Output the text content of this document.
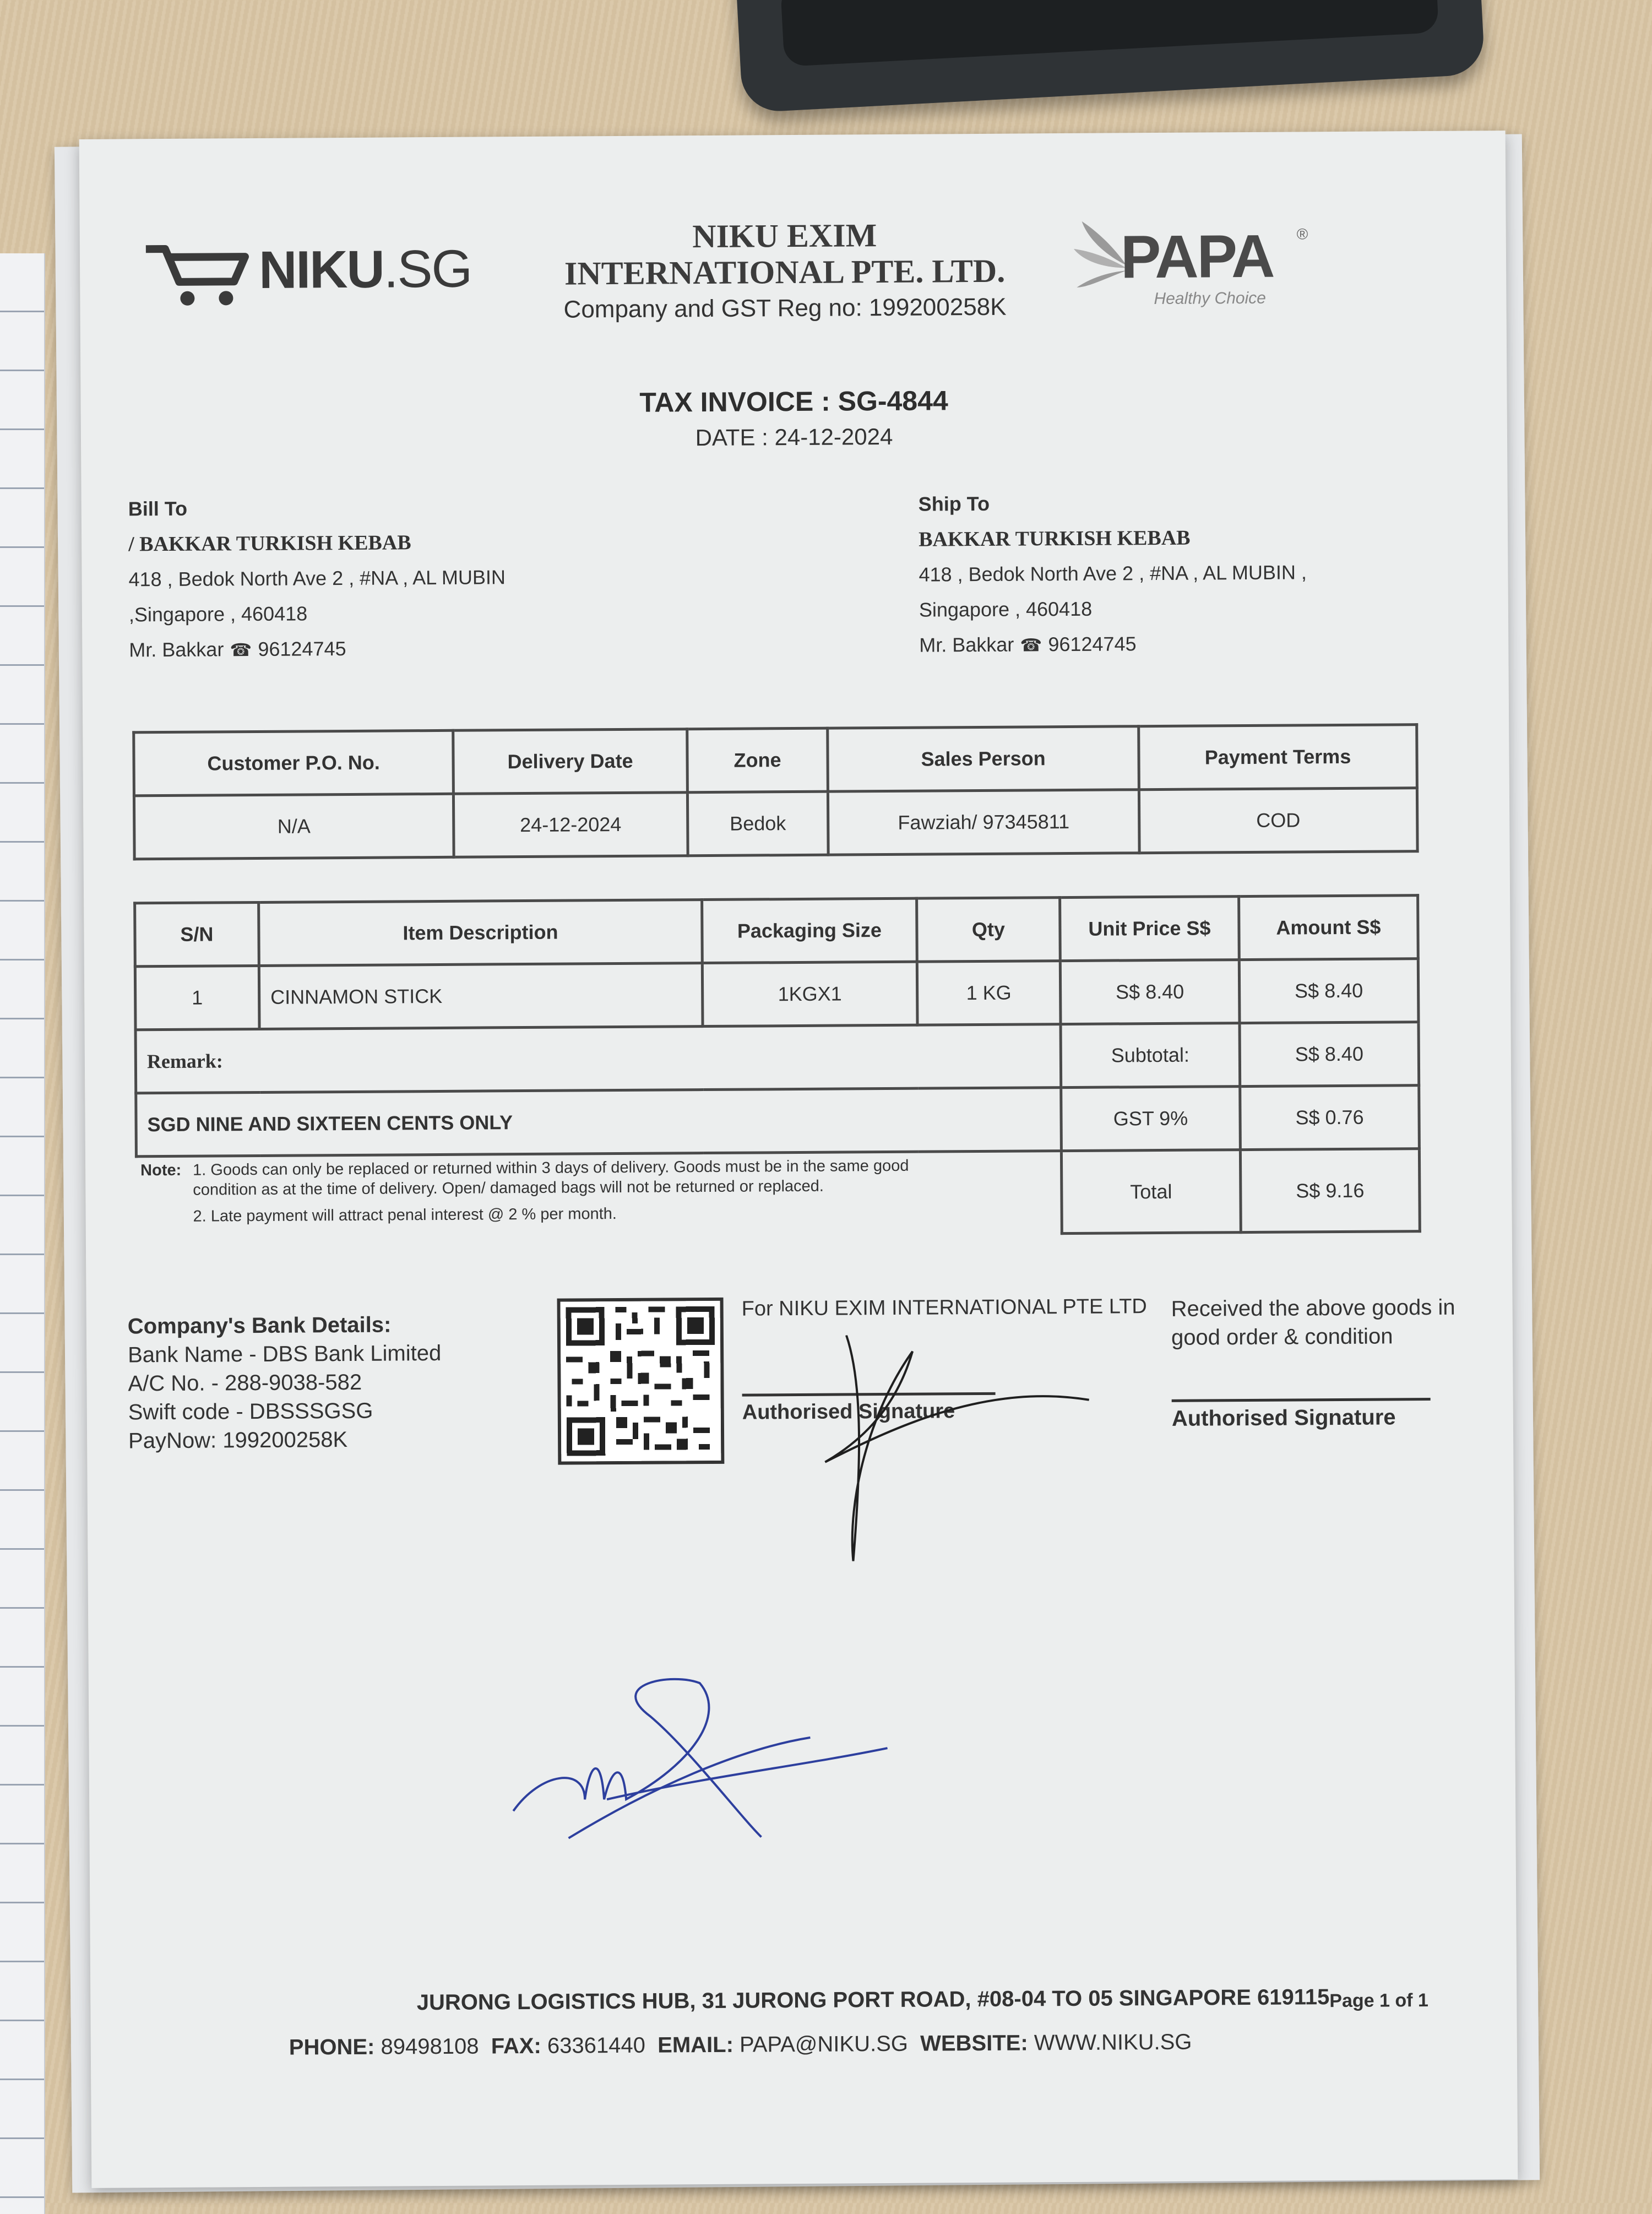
NIKU.SG
NIKU EXIM
INTERNATIONAL PTE. LTD.
Company and GST Reg no: 199200258K
PAPA ®
Healthy Choice
TAX INVOICE : SG-4844
DATE : 24-12-2024
Bill To
/ BAKKAR TURKISH KEBAB
418 , Bedok North Ave 2 , #NA , AL MUBIN
,Singapore , 460418
Mr. Bakkar ☎ 96124745
Ship To
BAKKAR TURKISH KEBAB
418 , Bedok North Ave 2 , #NA , AL MUBIN ,
Singapore , 460418
Mr. Bakkar ☎ 96124745
Customer P.O. No.	Delivery Date	Zone	Sales Person	Payment Terms
N/A	24-12-2024	Bedok	Fawziah/ 97345811	COD
S/N	Item Description	Packaging Size	Qty	Unit Price S$	Amount S$
1	CINNAMON STICK	1KGX1	1 KG	S$ 8.40	S$ 8.40
Remark:				Subtotal:	S$ 8.40
SGD NINE AND SIXTEEN CENTS ONLY				GST 9%	S$ 0.76
				Total	S$ 9.16
Note: 1. Goods can only be replaced or returned within 3 days of delivery. Goods must be in the same good
condition as at the time of delivery. Open/ damaged bags will not be returned or replaced.
2. Late payment will attract penal interest @ 2 % per month.
Company's Bank Details:
Bank Name - DBS Bank Limited
A/C No. - 288-9038-582
Swift code - DBSSSGSG
PayNow: 199200258K
For NIKU EXIM INTERNATIONAL PTE LTD
Authorised Signature
Received the above goods in good order & condition
Authorised Signature
JURONG LOGISTICS HUB, 31 JURONG PORT ROAD, #08-04 TO 05 SINGAPORE 619115 Page 1 of 1
PHONE: 89498108 FAX: 63361440 EMAIL: PAPA@NIKU.SG WEBSITE: WWW.NIKU.SG
